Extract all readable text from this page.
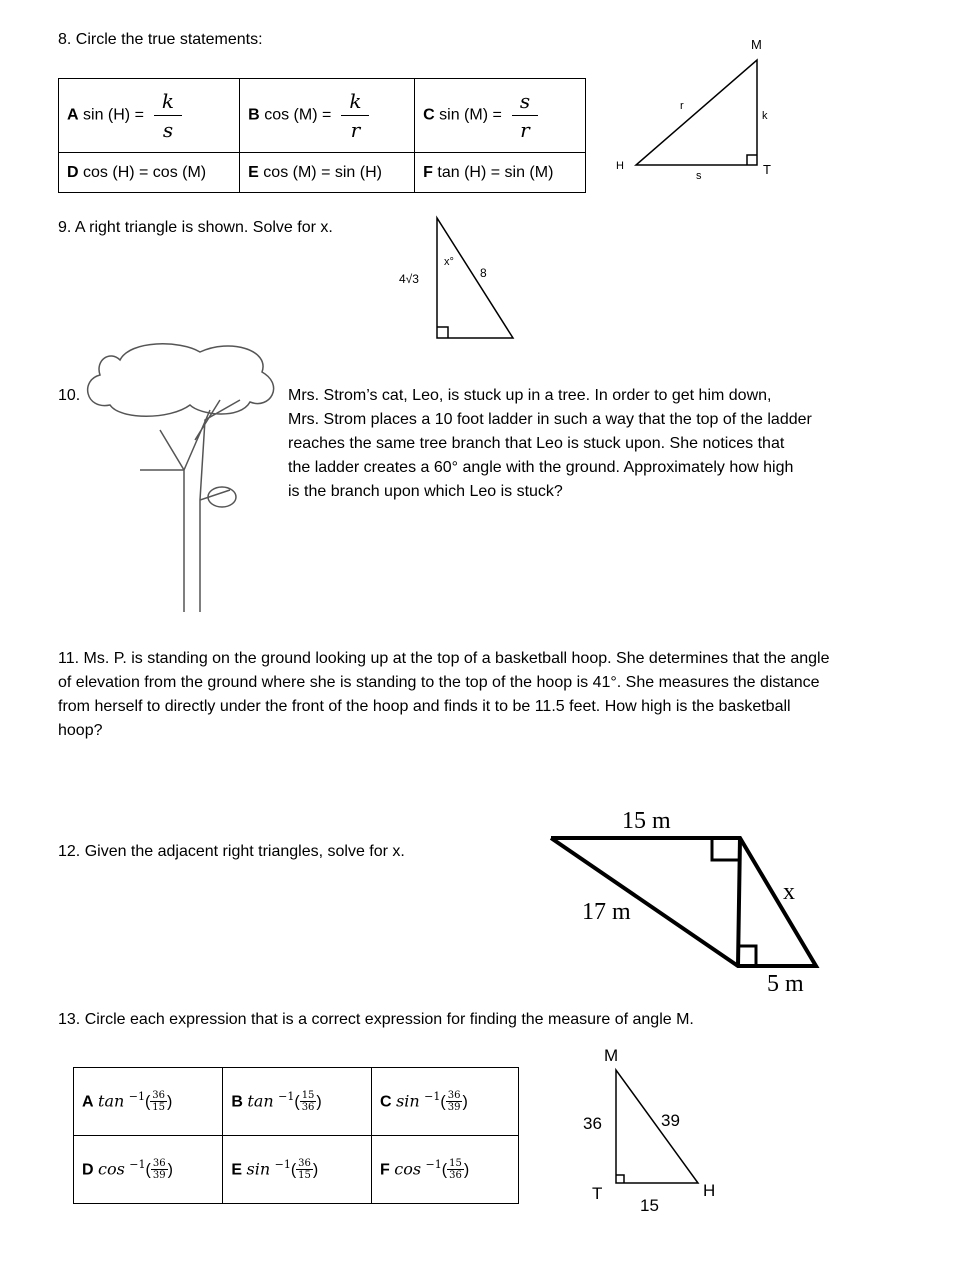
8. Circle the true statements:
A $\sin (H) = \frac{k}{s}$	B $\cos (M) = \frac{k}{r}$	C $\sin (M) = \frac{s}{r}$

D cos (H) = cos (M)	E cos (M) = sin (H)	F tan (H) = sin (M)
M
r
k
H
s	T
9. A right triangle is shown. Solve for x.
4√3
x°
8
10.	Mrs. Strom’s cat, Leo, is stuck up in a tree. In order to get him down,
Mrs. Strom places a 10 foot ladder in such a way that the top of the ladder
reaches the same tree branch that Leo is stuck upon. She notices that
the ladder creates a 60° angle with the ground. Approximately how high
is the branch upon which Leo is stuck?
11. Ms. P. is standing on the ground looking up at the top of a basketball hoop. She determines that the angle
of elevation from the ground where she is standing to the top of the hoop is 41°. She measures the distance
from herself to directly under the front of the hoop and finds it to be 11.5 feet. How high is the basketball
hoop?
12. Given the adjacent right triangles, solve for x.
15 m
17 m
x
5 m
13. Circle each expression that is a correct expression for finding the measure of angle M.
A $\tan ^{-1}( \frac{36}{15}$ )	B $\tan ^{-1}( \frac{15}{36}$ )	C $\sin ^{-1}( \frac{36}{39}$ )
D $\cos ^{-1}( \frac{36}{39}$ )	E $\sin ^{-1}( \frac{36}{15}$ )	F $\cos ^{-1}( \frac{15}{36}$ )
M
36	39
T	H
15
